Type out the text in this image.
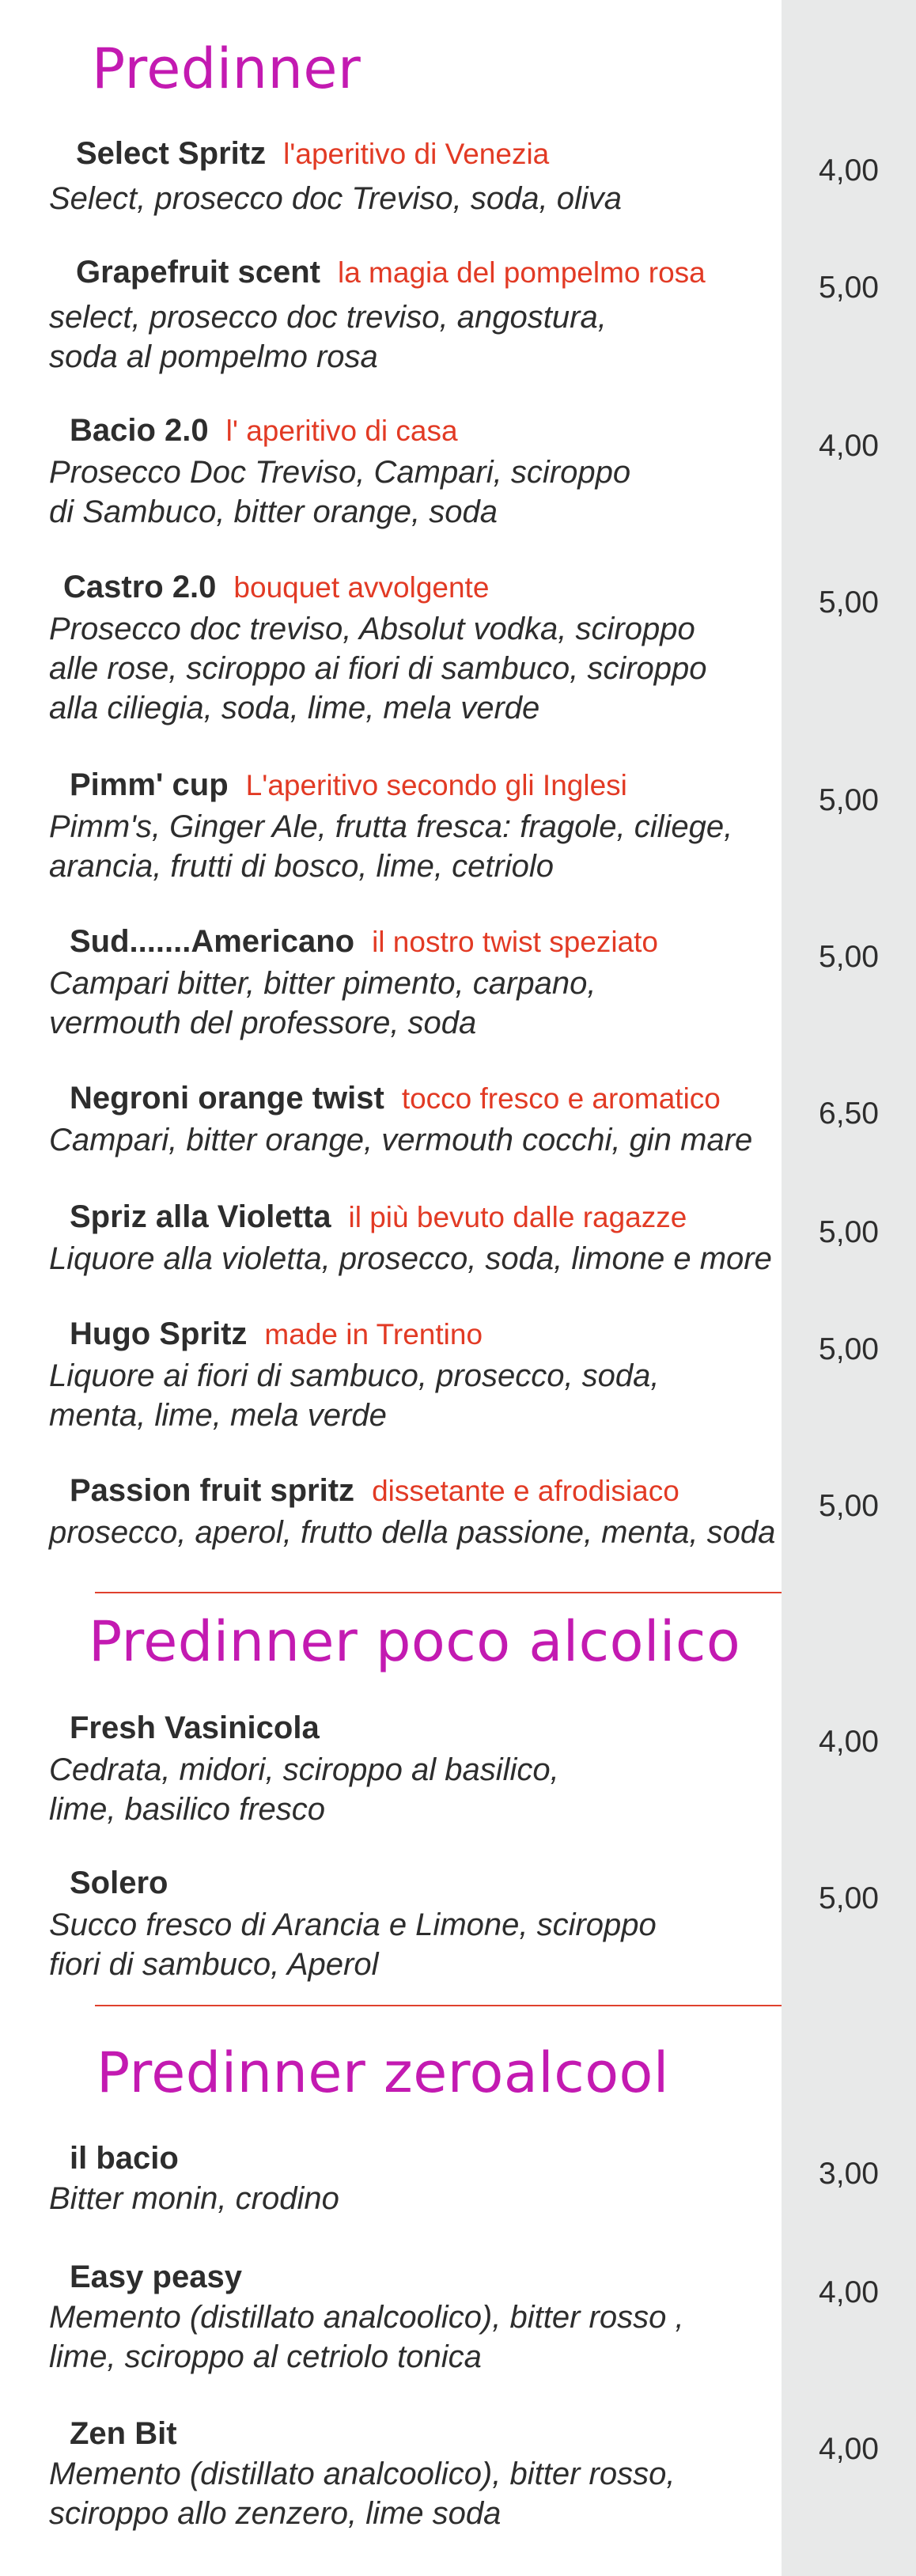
Predinner
Predinner poco alcolico
Predinner zeroalcool
Select Spritz l'aperitivo di Venezia

Select, prosecco doc Treviso, soda, oliva

4,00
Grapefruit scent la magia del pompelmo rosa

select, prosecco doc treviso, angostura,
soda al pompelmo rosa

5,00
Bacio 2.0 l' aperitivo di casa

Prosecco Doc Treviso, Campari, sciroppo
di Sambuco, bitter orange, soda

4,00
Castro 2.0 bouquet avvolgente

Prosecco doc treviso, Absolut vodka, sciroppo
alle rose, sciroppo ai fiori di sambuco, sciroppo
alla ciliegia, soda, lime, mela verde

5,00
Pimm' cup L'aperitivo secondo gli Inglesi

Pimm's, Ginger Ale, frutta fresca: fragole, ciliege,
arancia, frutti di bosco, lime, cetriolo

5,00
Sud.......Americano il nostro twist speziato

Campari bitter, bitter pimento, carpano,
vermouth del professore, soda

5,00
Negroni orange twist tocco fresco e aromatico

Campari, bitter orange, vermouth cocchi, gin mare

6,50
Spriz alla Violetta il più bevuto dalle ragazze

Liquore alla violetta, prosecco, soda, limone e more

5,00
Hugo Spritz made in Trentino

Liquore ai fiori di sambuco, prosecco, soda,
menta, lime, mela verde

5,00
Passion fruit spritz dissetante e afrodisiaco

prosecco, aperol, frutto della passione, menta, soda

5,00
Fresh Vasinicola

Cedrata, midori, sciroppo al basilico,
lime, basilico fresco

4,00
Solero

Succo fresco di Arancia e Limone, sciroppo
fiori di sambuco, Aperol

5,00
il bacio

Bitter monin, crodino

3,00
Easy peasy

Memento (distillato analcoolico), bitter rosso ,
lime, sciroppo al cetriolo tonica

4,00
Zen Bit

Memento (distillato analcoolico), bitter rosso,
sciroppo allo zenzero, lime soda

4,00
